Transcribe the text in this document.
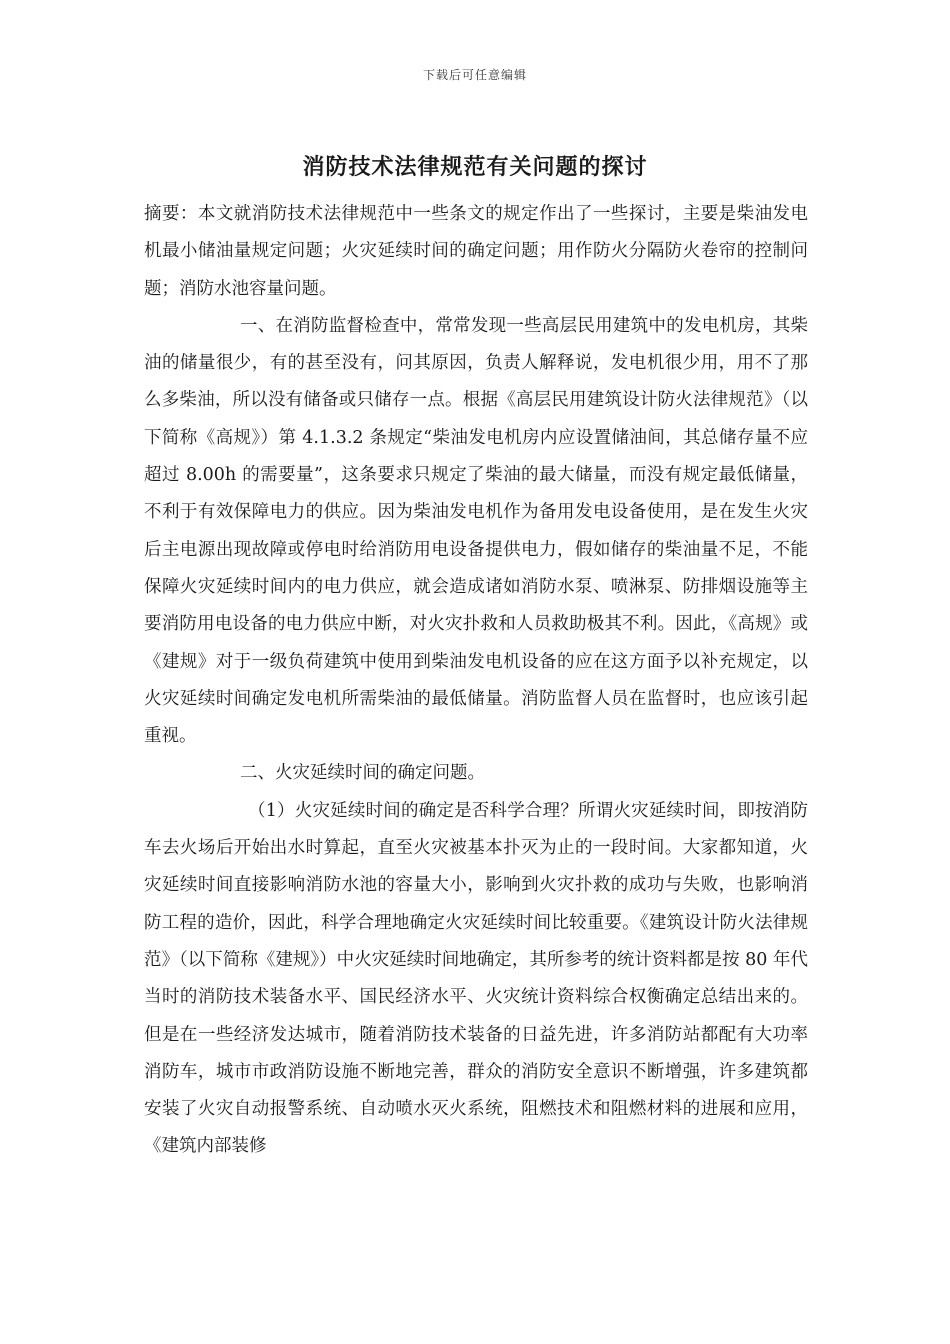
下载后可任意编辑
消防技术法律规范有关问题的探讨

摘要：本文就消防技术法律规范中一些条文的规定作出了一些探讨，主要是柴油发电机最小储油量规定问题；火灾延续时间的确定问题；用作防火分隔防火卷帘的控制问题；消防水池容量问题。

一、在消防监督检查中，常常发现一些高层民用建筑中的发电机房，其柴油的储量很少，有的甚至没有，问其原因，负责人解释说，发电机很少用，用不了那么多柴油，所以没有储备或只储存一点。根据《高层民用建筑设计防火法律规范》（以下简称《高规》）第 4.1.3.2 条规定“柴油发电机房内应设置储油间，其总储存量不应超过 8.00h 的需要量”，这条要求只规定了柴油的最大储量，而没有规定最低储量，不利于有效保障电力的供应。因为柴油发电机作为备用发电设备使用，是在发生火灾后主电源出现故障或停电时给消防用电设备提供电力，假如储存的柴油量不足，不能保障火灾延续时间内的电力供应，就会造成诸如消防水泵、喷淋泵、防排烟设施等主要消防用电设备的电力供应中断，对火灾扑救和人员救助极其不利。因此，《高规》或《建规》对于一级负荷建筑中使用到柴油发电机设备的应在这方面予以补充规定，以火灾延续时间确定发电机所需柴油的最低储量。消防监督人员在监督时，也应该引起重视。

二、火灾延续时间的确定问题。

（1）火灾延续时间的确定是否科学合理？所谓火灾延续时间，即按消防车去火场后开始出水时算起，直至火灾被基本扑灭为止的一段时间。大家都知道，火灾延续时间直接影响消防水池的容量大小，影响到火灾扑救的成功与失败，也影响消防工程的造价，因此，科学合理地确定火灾延续时间比较重要。《建筑设计防火法律规范》（以下简称《建规》）中火灾延续时间地确定，其所参考的统计资料都是按 80 年代当时的消防技术装备水平、国民经济水平、火灾统计资料综合权衡确定总结出来的。但是在一些经济发达城市，随着消防技术装备的日益先进，许多消防站都配有大功率消防车，城市市政消防设施不断地完善，群众的消防安全意识不断增强，许多建筑都安装了火灾自动报警系统、自动喷水灭火系统，阻燃技术和阻燃材料的进展和应用，《建筑内部装修
